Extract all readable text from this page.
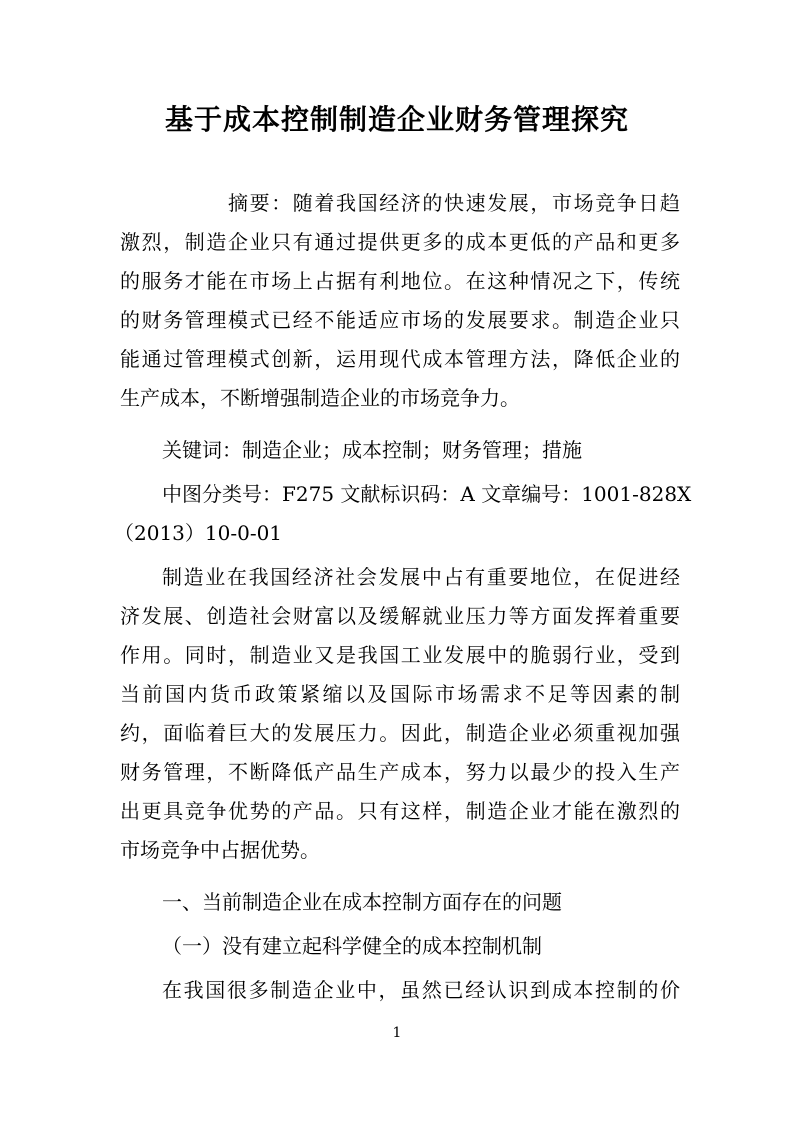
基于成本控制制造企业财务管理探究

摘要：随着我国经济的快速发展，市场竞争日趋

激烈，制造企业只有通过提供更多的成本更低的产品和更多

的服务才能在市场上占据有利地位。在这种情况之下，传统

的财务管理模式已经不能适应市场的发展要求。制造企业只

能通过管理模式创新，运用现代成本管理方法，降低企业的

生产成本，不断增强制造企业的市场竞争力。

关键词：制造企业；成本控制；财务管理；措施

中图分类号：F275 文献标识码：A 文章编号：1001-828X

（2013）10-0-01

制造业在我国经济社会发展中占有重要地位，在促进经

济发展、创造社会财富以及缓解就业压力等方面发挥着重要

作用。同时，制造业又是我国工业发展中的脆弱行业，受到

当前国内货币政策紧缩以及国际市场需求不足等因素的制

约，面临着巨大的发展压力。因此，制造企业必须重视加强

财务管理，不断降低产品生产成本，努力以最少的投入生产

出更具竞争优势的产品。只有这样，制造企业才能在激烈的

市场竞争中占据优势。

一、当前制造企业在成本控制方面存在的问题

（一）没有建立起科学健全的成本控制机制

在我国很多制造企业中，虽然已经认识到成本控制的价

1
